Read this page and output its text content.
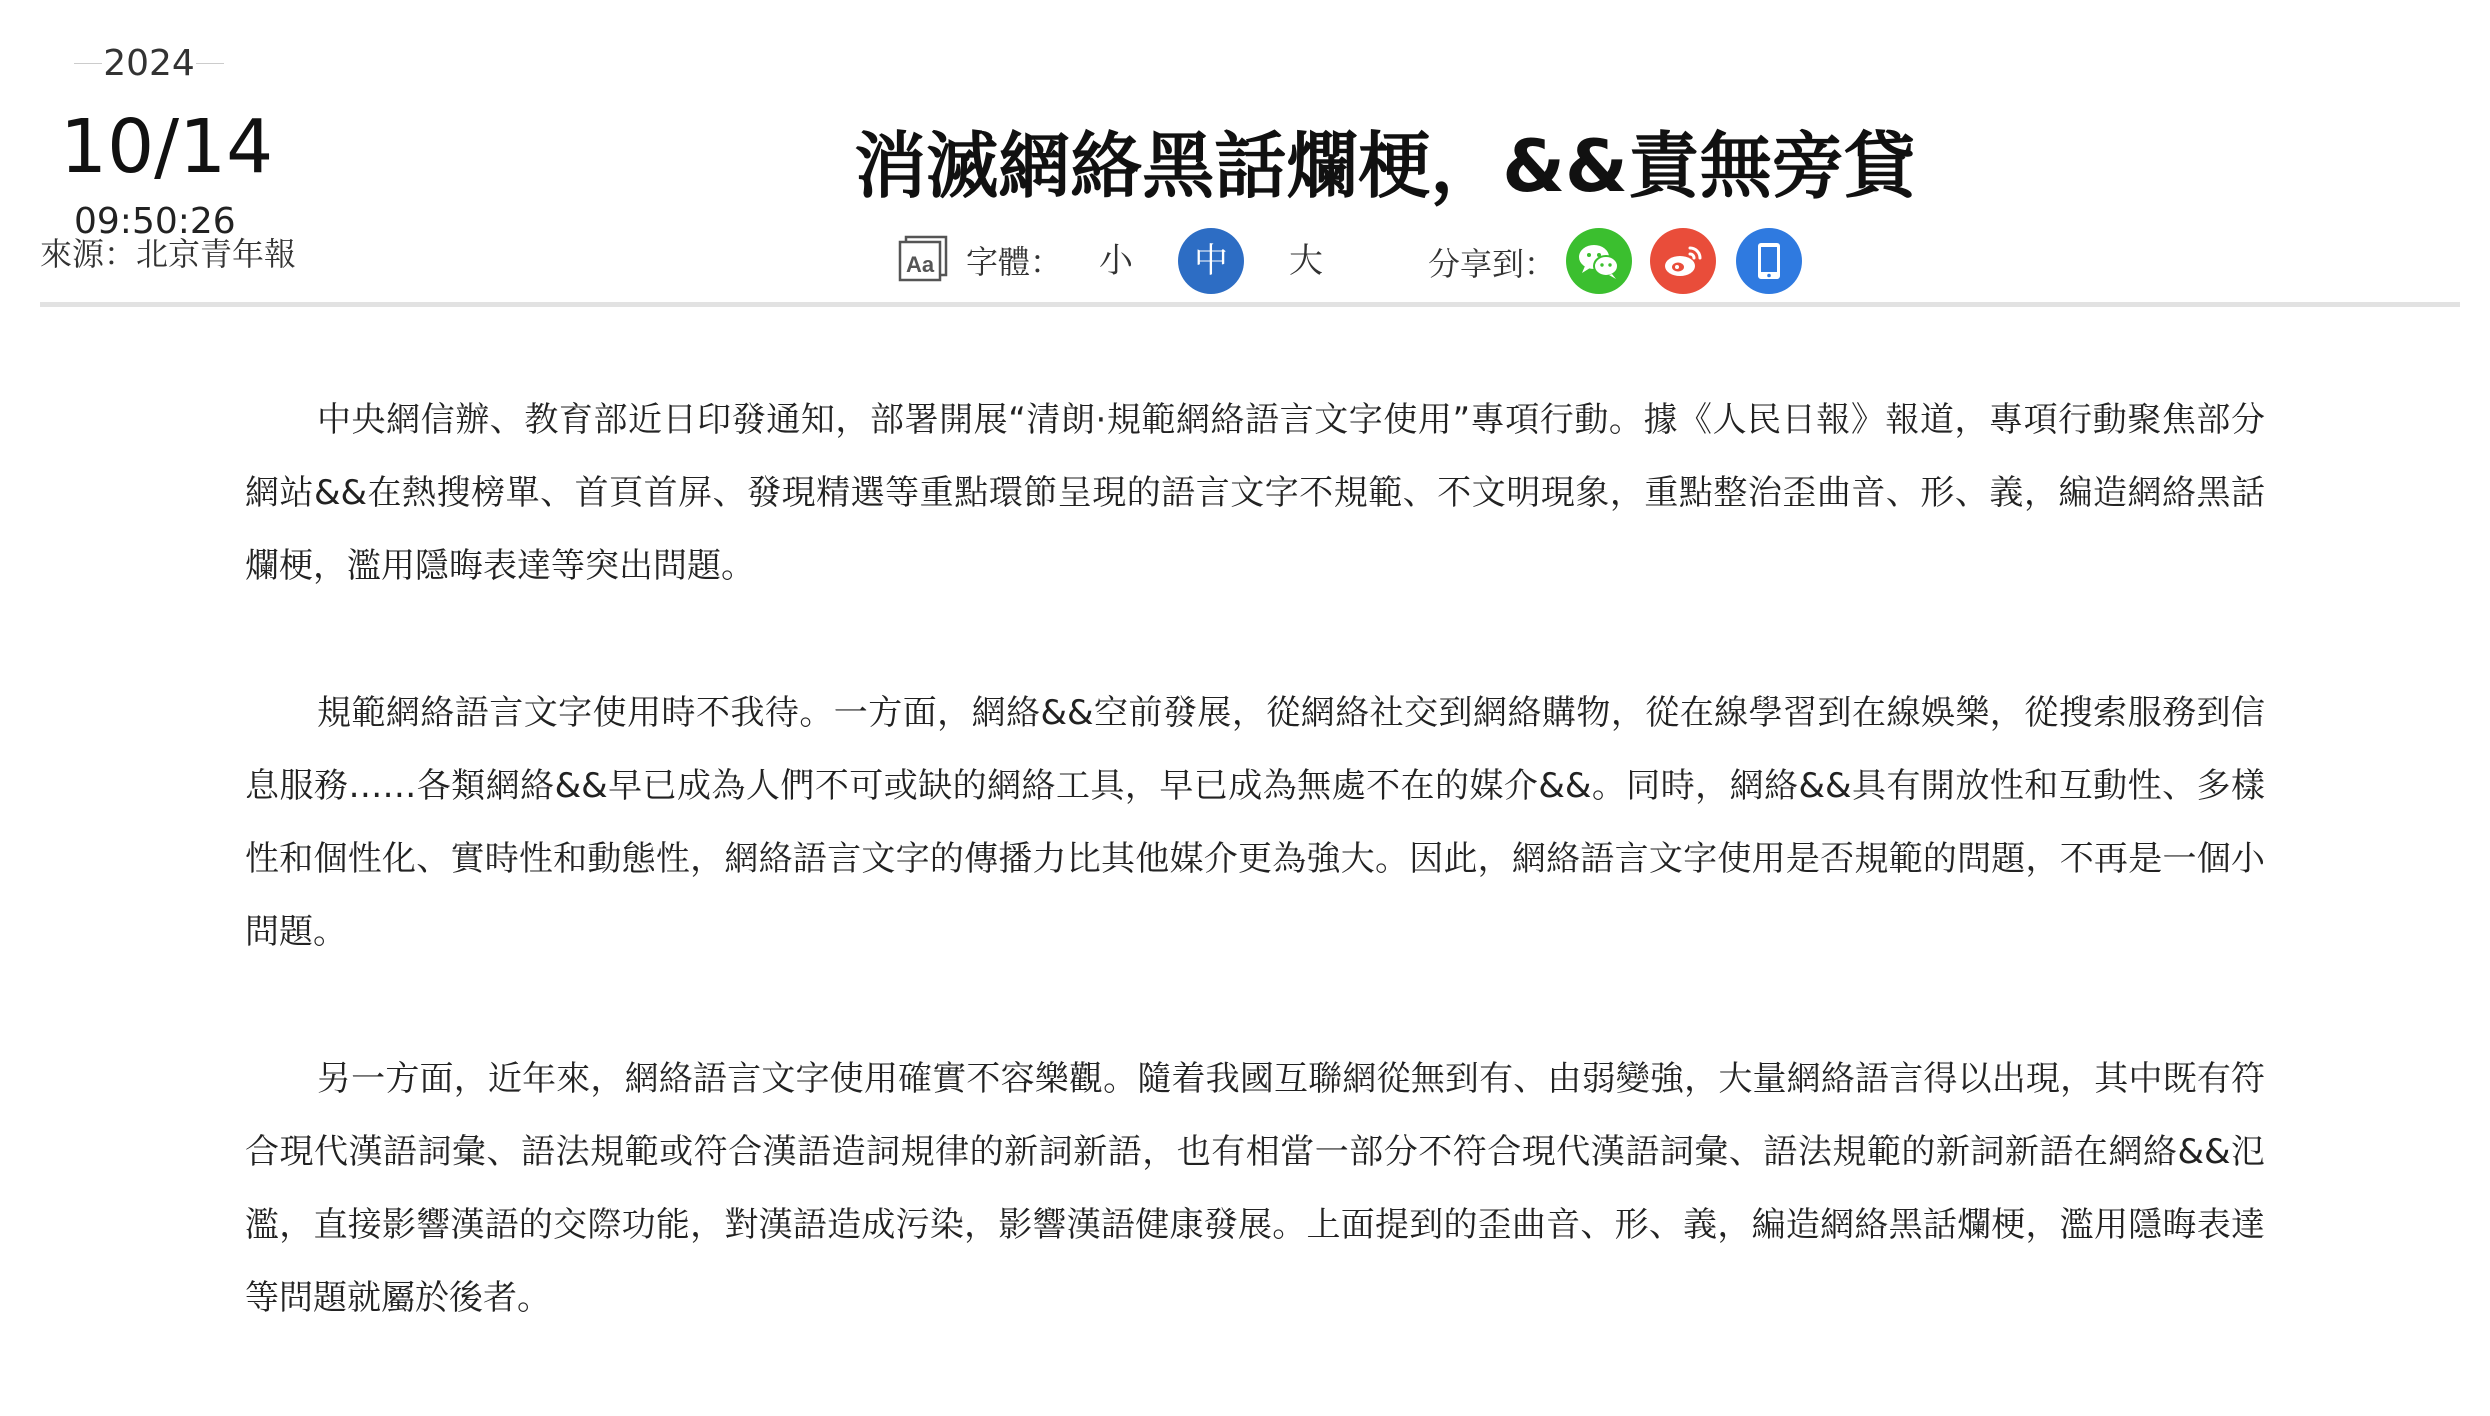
2024
10/14
09:50:26
來源：北京青年報
消滅網絡黑話爛梗，&&責無旁貸
Aa 字體：	小	中	大	分享到：

中央網信辦、教育部近日印發通知，部署開展“清朗·規範網絡語言文字使用”專項行動。據《人民日報》報道，專項行動聚焦部分網站&&在熱搜榜單、首頁首屏、發現精選等重點環節呈現的語言文字不規範、不文明現象，重點整治歪曲音、形、義，編造網絡黑話爛梗，濫用隱晦表達等突出問題。

規範網絡語言文字使用時不我待。一方面，網絡&&空前發展，從網絡社交到網絡購物，從在線學習到在線娛樂，從搜索服務到信息服務……各類網絡&&早已成為人們不可或缺的網絡工具，早已成為無處不在的媒介&&。同時，網絡&&具有開放性和互動性、多樣性和個性化、實時性和動態性，網絡語言文字的傳播力比其他媒介更為強大。因此，網絡語言文字使用是否規範的問題，不再是一個小問題。

另一方面，近年來，網絡語言文字使用確實不容樂觀。隨着我國互聯網從無到有、由弱變強，大量網絡語言得以出現，其中既有符合現代漢語詞彙、語法規範或符合漢語造詞規律的新詞新語，也有相當一部分不符合現代漢語詞彙、語法規範的新詞新語在網絡&&氾濫，直接影響漢語的交際功能，對漢語造成污染，影響漢語健康發展。上面提到的歪曲音、形、義，編造網絡黑話爛梗，濫用隱晦表達等問題就屬於後者。
